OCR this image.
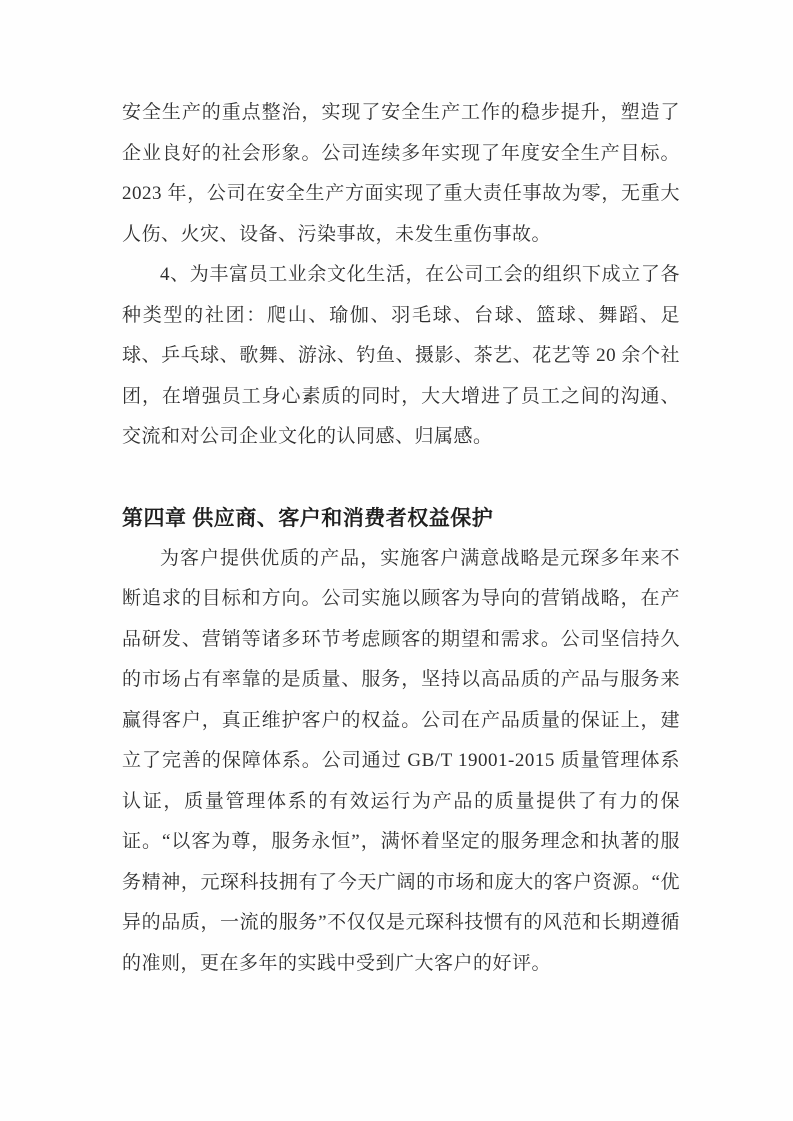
安全生产的重点整治，实现了安全生产工作的稳步提升，塑造了企业良好的社会形象。公司连续多年实现了年度安全生产目标。2023 年，公司在安全生产方面实现了重大责任事故为零，无重大人伤、火灾、设备、污染事故，未发生重伤事故。

4、为丰富员工业余文化生活，在公司工会的组织下成立了各种类型的社团：爬山、瑜伽、羽毛球、台球、篮球、舞蹈、足球、乒乓球、歌舞、游泳、钓鱼、摄影、茶艺、花艺等 20 余个社团，在增强员工身心素质的同时，大大增进了员工之间的沟通、交流和对公司企业文化的认同感、归属感。

第四章 供应商、客户和消费者权益保护

为客户提供优质的产品，实施客户满意战略是元琛多年来不断追求的目标和方向。公司实施以顾客为导向的营销战略，在产品研发、营销等诸多环节考虑顾客的期望和需求。公司坚信持久的市场占有率靠的是质量、服务，坚持以高品质的产品与服务来赢得客户，真正维护客户的权益。公司在产品质量的保证上，建立了完善的保障体系。公司通过 GB/T 19001-2015 质量管理体系认证，质量管理体系的有效运行为产品的质量提供了有力的保证。“以客为尊，服务永恒”，满怀着坚定的服务理念和执著的服务精神，元琛科技拥有了今天广阔的市场和庞大的客户资源。“优异的品质，一流的服务”不仅仅是元琛科技惯有的风范和长期遵循的准则，更在多年的实践中受到广大客户的好评。
